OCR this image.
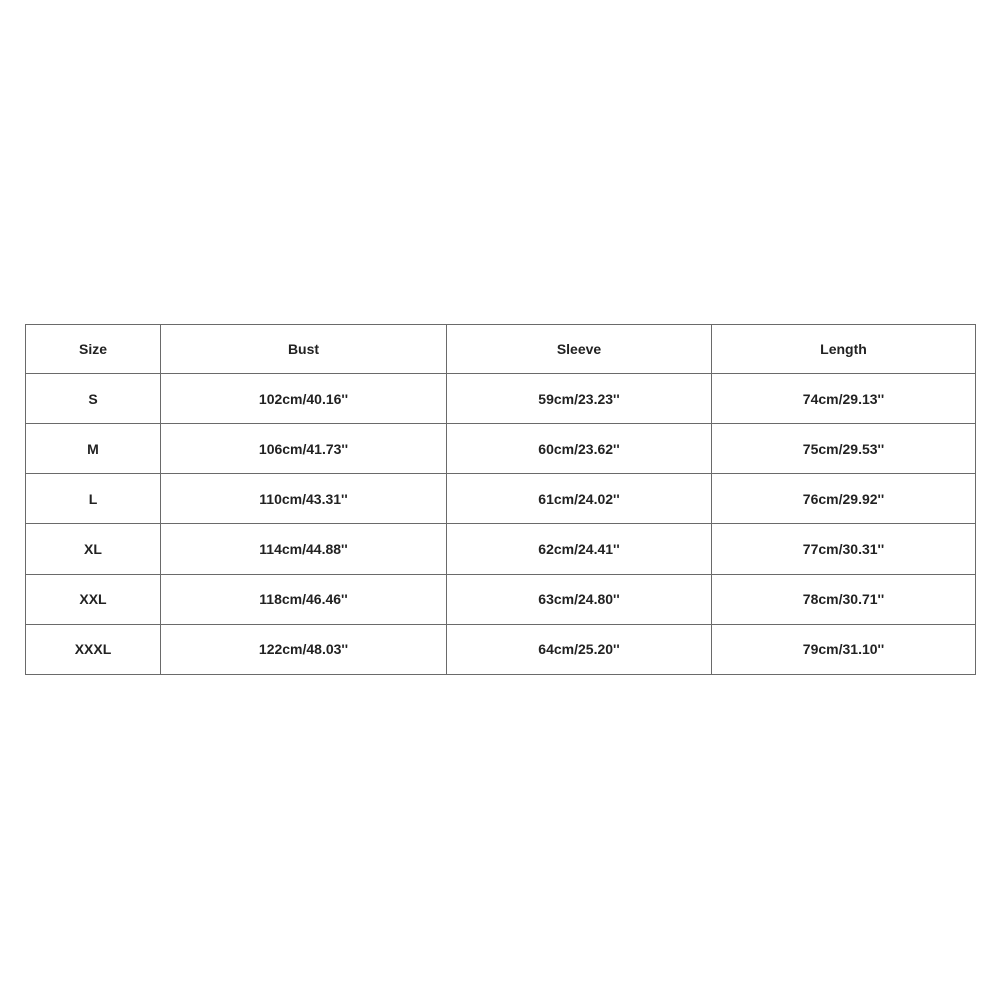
Size	Bust	Sleeve	Length
S	102cm/40.16''	59cm/23.23''	74cm/29.13''
M	106cm/41.73''	60cm/23.62''	75cm/29.53''
L	110cm/43.31''	61cm/24.02''	76cm/29.92''
XL	114cm/44.88''	62cm/24.41''	77cm/30.31''
XXL	118cm/46.46''	63cm/24.80''	78cm/30.71''
XXXL	122cm/48.03''	64cm/25.20''	79cm/31.10''
